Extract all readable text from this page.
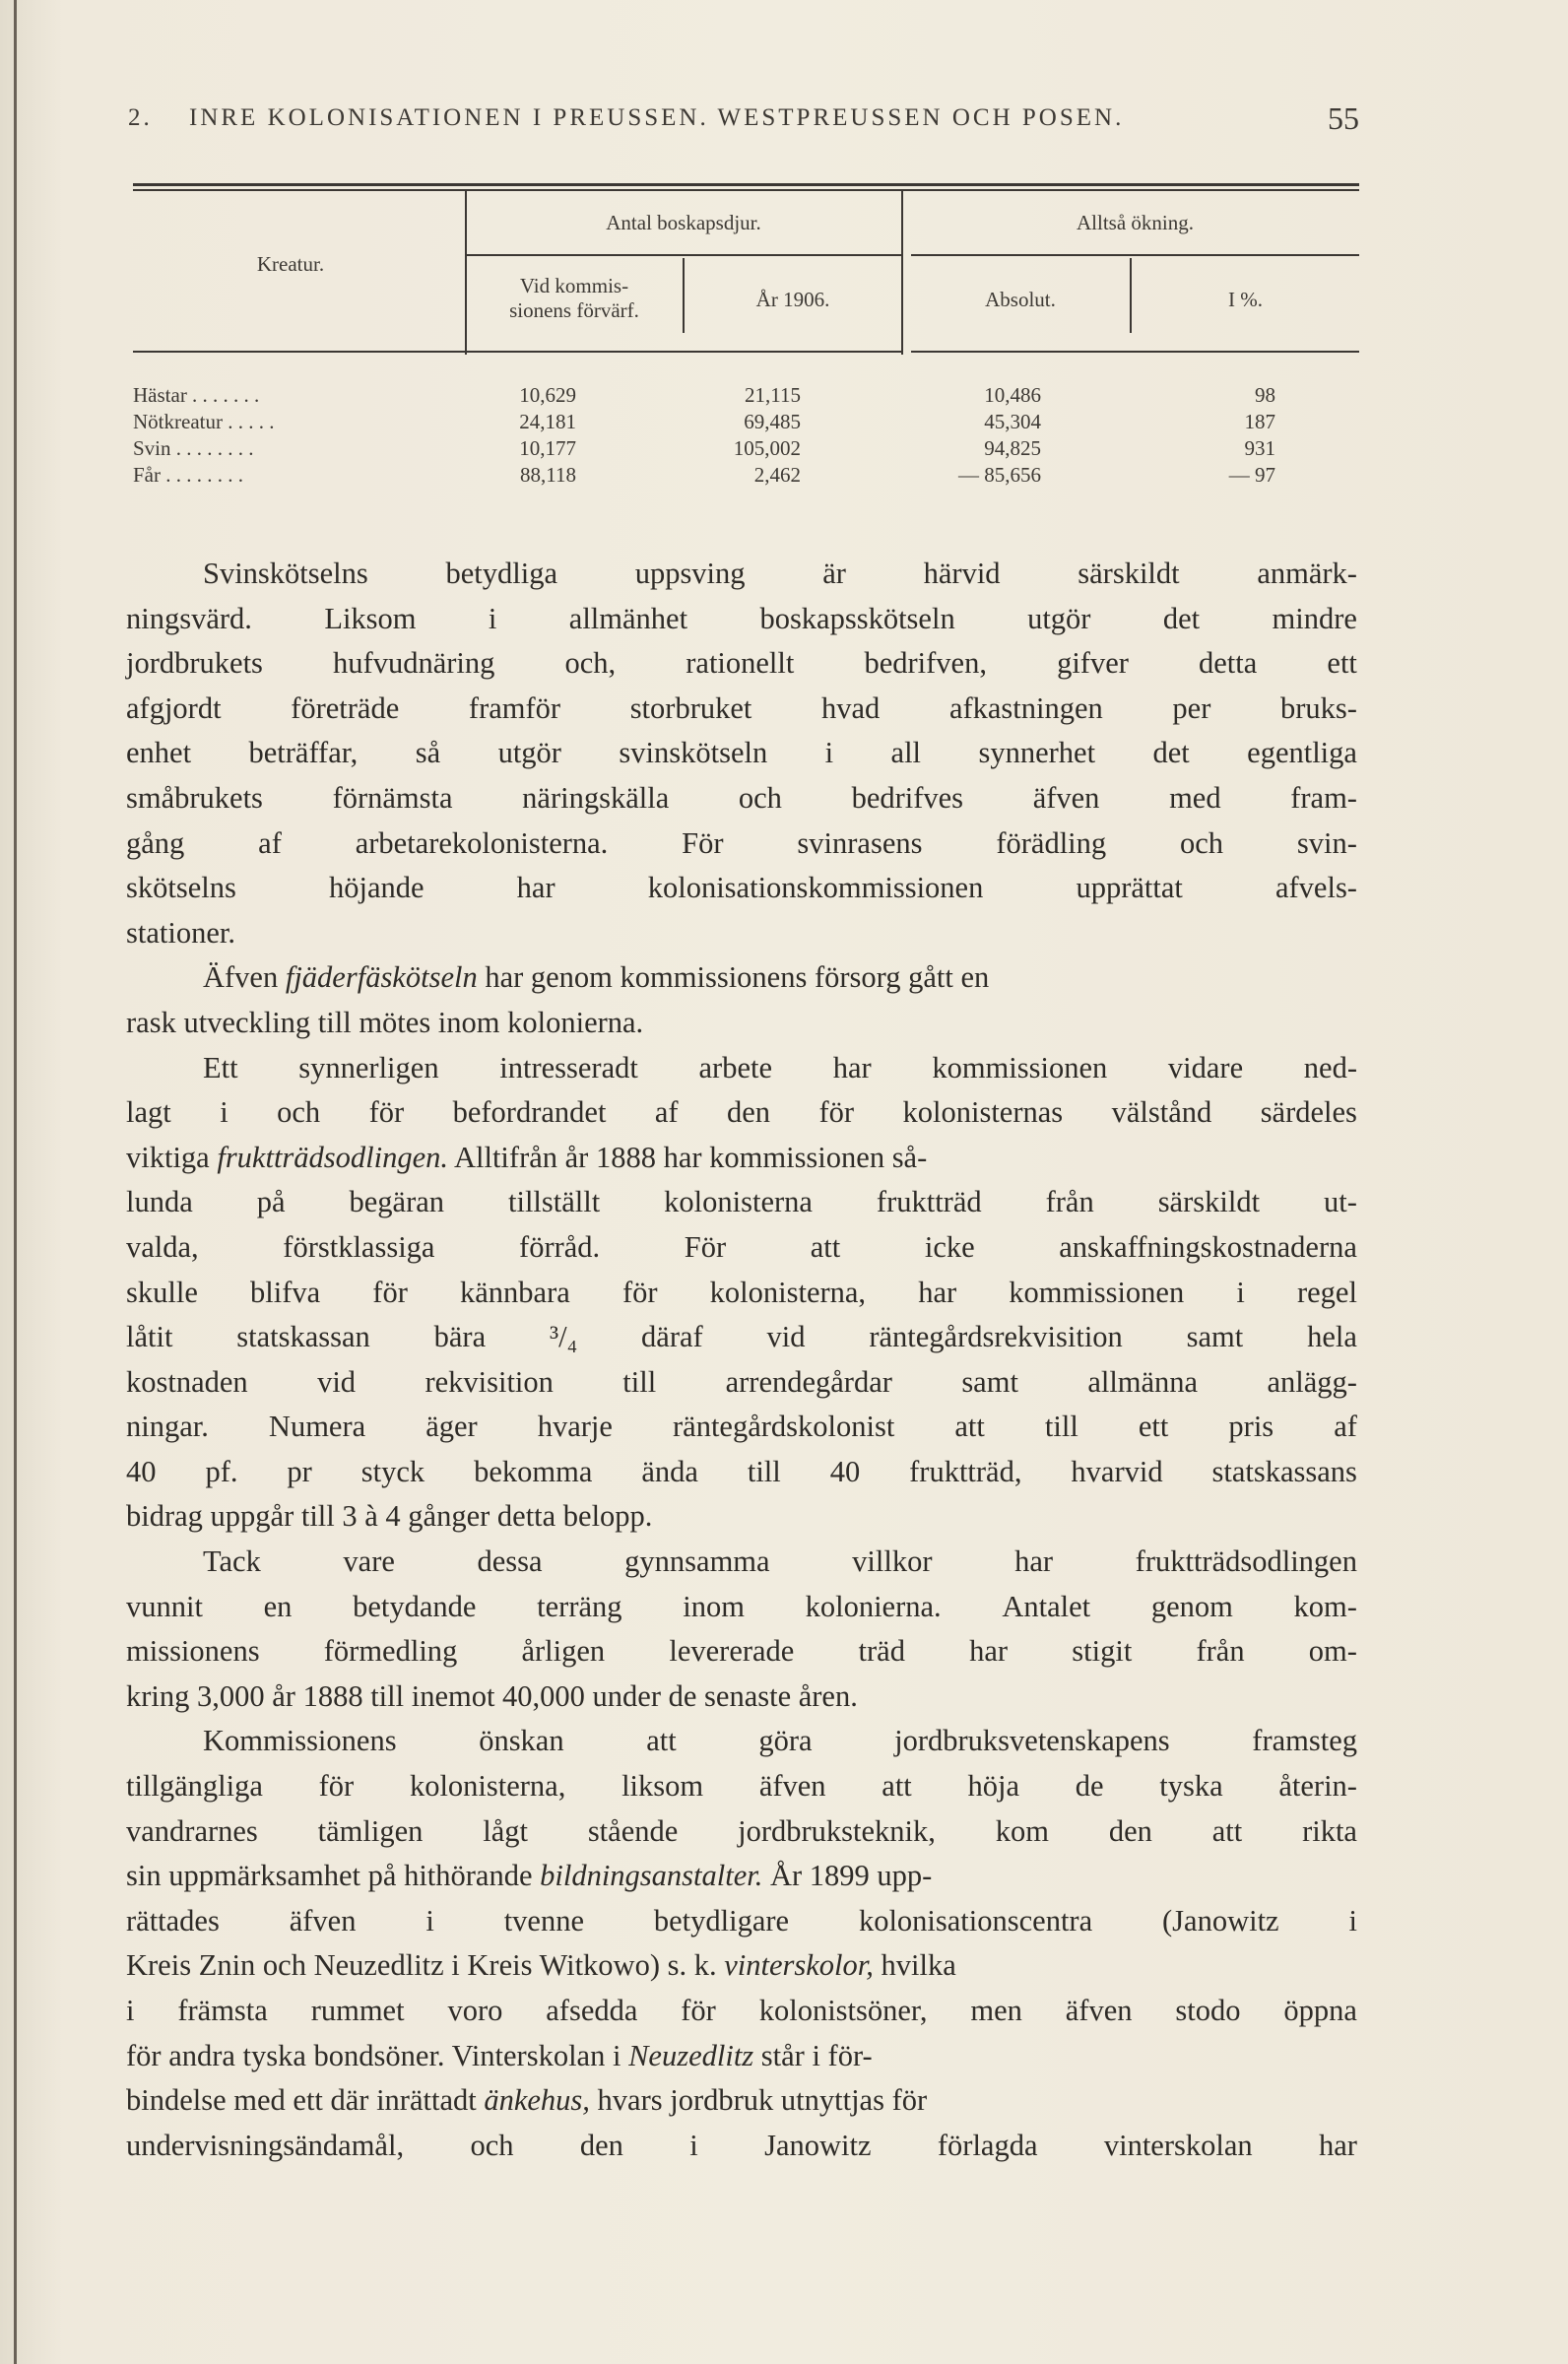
2. INRE KOLONISATIONEN I PREUSSEN. WESTPREUSSEN OCH POSEN.	55
Kreatur.
Antal boskapsdjur.	Alltså ökning.
Vid kommis-
sionens förvärf.	År 1906.	Absolut.	I %.
Hästar . . . . . . .	10,629	21,115	10,486	98
Nötkreatur . . . . .	24,181	69,485	45,304	187
Svin . . . . . . . .	10,177	105,002	94,825	931
Får . . . . . . . .	88,118	2,462	— 85,656	— 97
Svinskötselns	betydliga	uppsving	är	härvid	särskildt	anmärk-
ningsvärd. Liksom i allmänhet boskapsskötseln utgör det mindre
jordbrukets hufvudnäring och, rationellt bedrifven, gifver detta ett
afgjordt företräde framför storbruket hvad afkastningen per bruks-
enhet beträffar, så utgör svinskötseln i all synnerhet det egentliga
småbrukets förnämsta näringskälla och bedrifves äfven med fram-
gång af arbetarekolonisterna. För svinrasens förädling och svin-
skötselns	höjande	har	kolonisationskommissionen	upprättat	afvels-
stationer.
Äfven fjäderfäskötseln har genom kommissionens försorg gått en
rask utveckling till mötes inom kolonierna.
Ett synnerligen intresseradt arbete har kommissionen vidare ned-
lagt i och för befordrandet af den för kolonisternas välstånd särdeles
viktiga fruktträdsodlingen. Alltifrån år 1888 har kommissionen så-
lunda på begäran tillställt kolonisterna fruktträd från särskildt ut-
valda,	förstklassiga	förråd.	För	att	icke	anskaffningskostnaderna
skulle blifva för kännbara för kolonisterna, har kommissionen i regel
låtit statskassan bära ³/₄ däraf vid räntegårdsrekvisition samt hela
kostnaden vid rekvisition till arrendegårdar samt allmänna anlägg-
ningar. Numera äger hvarje räntegårdskolonist att till ett pris af
40 pf. pr styck bekomma ända till 40 fruktträd, hvarvid statskassans
bidrag uppgår till 3 à 4 gånger detta belopp.
Tack	vare	dessa	gynnsamma	villkor	har	fruktträdsodlingen
vunnit en betydande terräng inom kolonierna. Antalet genom kom-
missionens förmedling årligen levererade träd har stigit från om-
kring 3,000 år 1888 till inemot 40,000 under de senaste åren.
Kommissionens	önskan	att	göra	jordbruksvetenskapens	framsteg
tillgängliga för kolonisterna, liksom äfven att höja de tyska återin-
vandrarnes tämligen lågt stående jordbruksteknik, kom den att rikta
sin uppmärksamhet på hithörande bildningsanstalter. År 1899 upp-
rättades äfven i tvenne betydligare kolonisationscentra (Janowitz i
Kreis Znin och Neuzedlitz i Kreis Witkowo) s. k. vinterskolor, hvilka
i främsta rummet voro afsedda för kolonistsöner, men äfven stodo öppna
för andra tyska bondsöner. Vinterskolan i Neuzedlitz står i för-
bindelse med ett där inrättadt änkehus, hvars jordbruk utnyttjas för
undervisningsändamål, och den i Janowitz förlagda vinterskolan har
